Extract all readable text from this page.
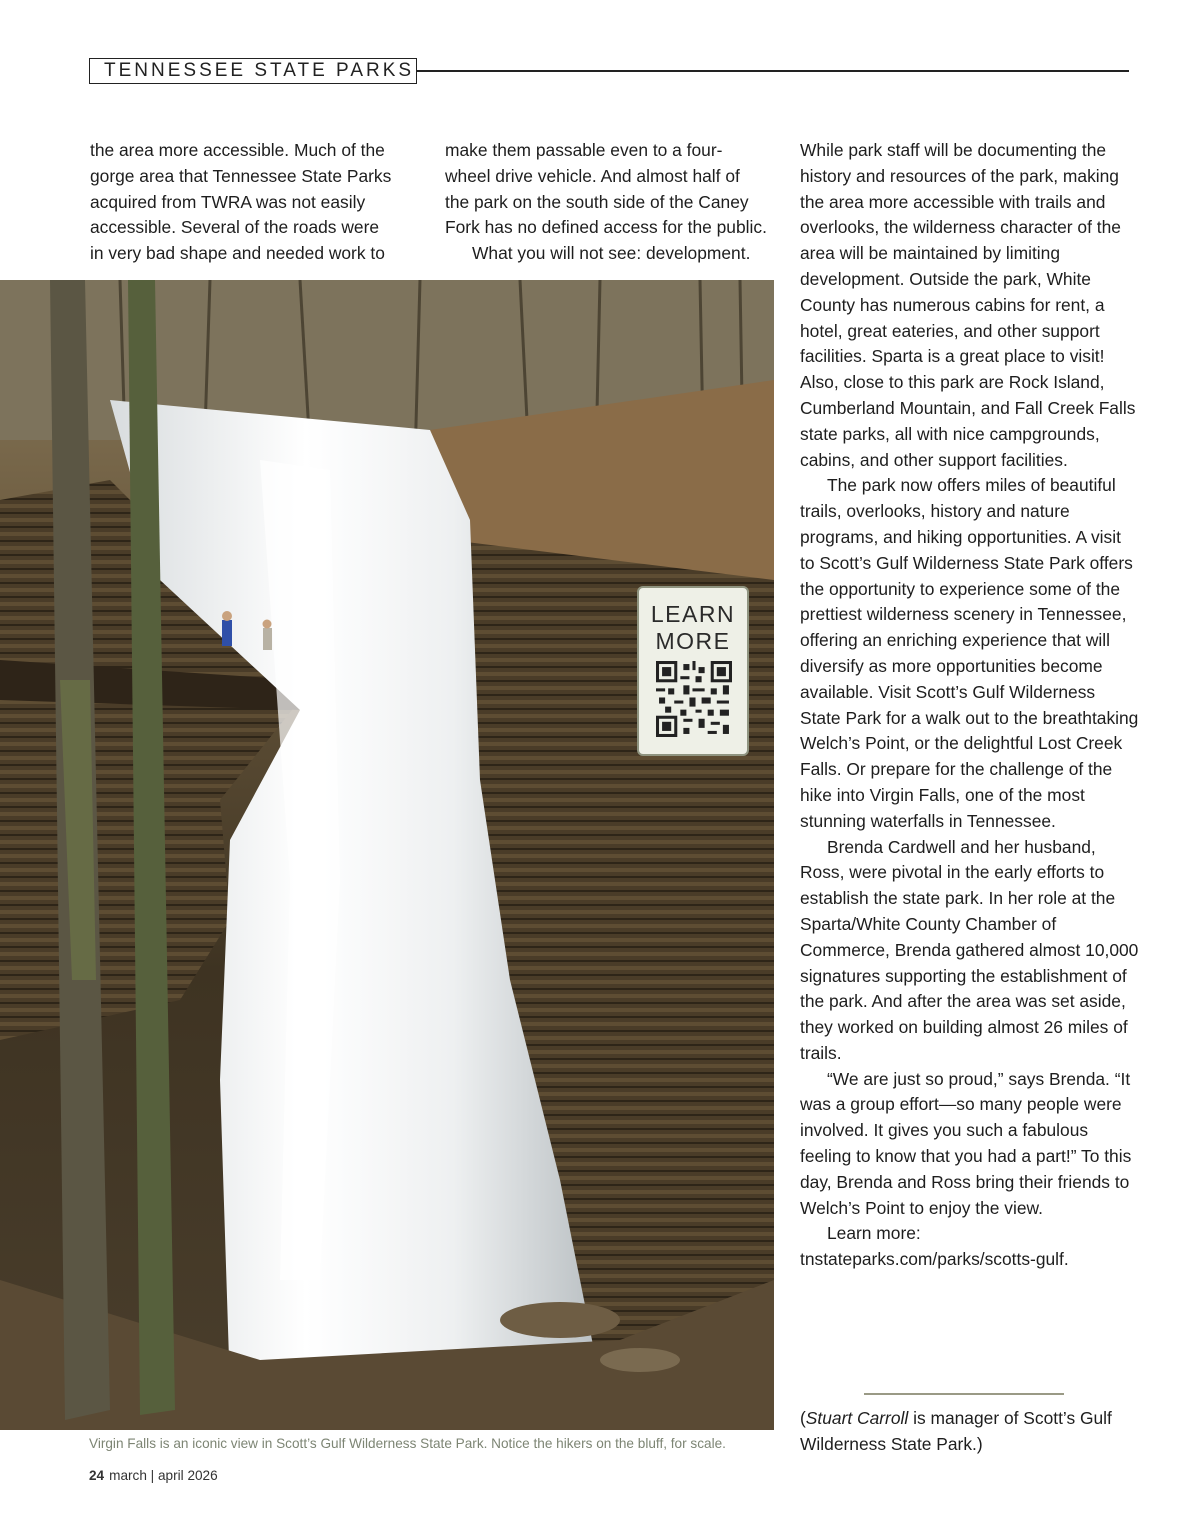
TENNESSEE STATE PARKS

the area more accessible. Much of the

gorge area that Tennessee State Parks

acquired from TWRA was not easily

accessible. Several of the roads were

in very bad shape and needed work to

make them passable even to a four-

wheel drive vehicle. And almost half of

the park on the south side of the Caney

Fork has no defined access for the public.

What you will not see: development.

While park staff will be documenting the history and resources of the park, making the area more accessible with trails and overlooks, the wilderness character of the area will be maintained by limiting development. Outside the park, White County has numerous cabins for rent, a hotel, great eateries, and other support facilities. Sparta is a great place to visit! Also, close to this park are Rock Island, Cumberland Mountain, and Fall Creek Falls state parks, all with nice campgrounds, cabins, and other support facilities.

The park now offers miles of beautiful trails, overlooks, history and nature programs, and hiking opportunities. A visit to Scott’s Gulf Wilderness State Park offers the opportunity to experience some of the prettiest wilderness scenery in Tennessee, offering an enriching experience that will diversify as more opportunities become available. Visit Scott’s Gulf Wilderness State Park for a walk out to the breathtaking Welch’s Point, or the delightful Lost Creek Falls. Or prepare for the challenge of the hike into Virgin Falls, one of the most stunning waterfalls in Tennessee.

Brenda Cardwell and her husband, Ross, were pivotal in the early efforts to establish the state park. In her role at the Sparta/White County Chamber of Commerce, Brenda gathered almost 10,000 signatures supporting the establishment of the park. And after the area was set aside, they worked on building almost 26 miles of trails.

“We are just so proud,” says Brenda. “It was a group effort—so many people were involved. It gives you such a fabulous feeling to know that you had a part!” To this day, Brenda and Ross bring their friends to Welch’s Point to enjoy the view.

Learn more: tnstateparks.com/parks/scotts-gulf.

(Stuart Carroll is manager of Scott’s Gulf Wilderness State Park.)
LEARN
MORE
Virgin Falls is an iconic view in Scott’s Gulf Wilderness State Park. Notice the hikers on the bluff, for scale.
24 march | april 2026
